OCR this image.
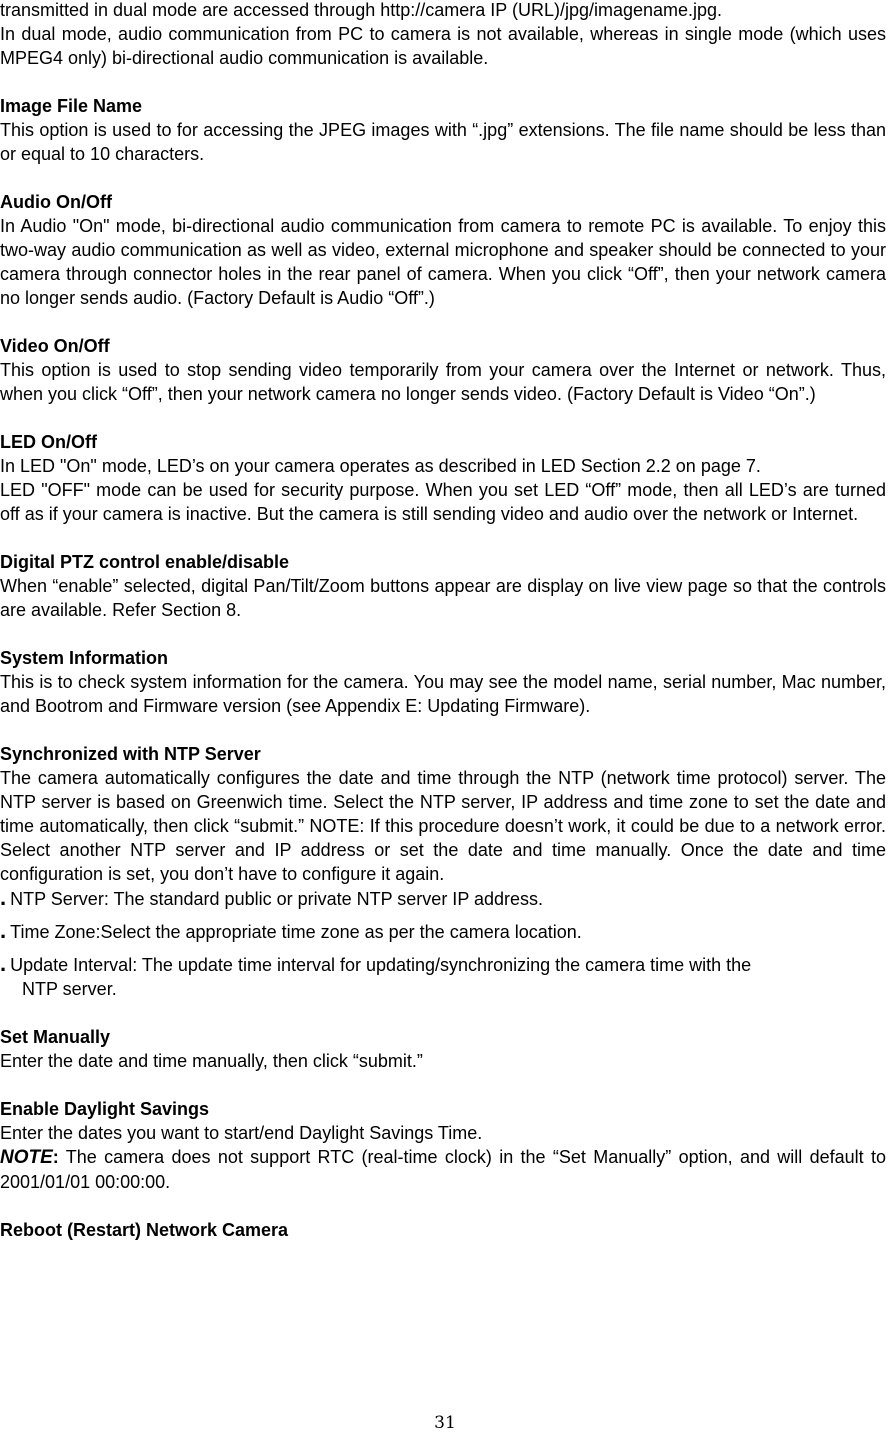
transmitted in dual mode are accessed through http://camera IP (URL)/jpg/imagename.jpg.

In dual mode, audio communication from PC to camera is not available, whereas in single mode (which uses MPEG4 only) bi-directional audio communication is available.

Image File Name

This option is used to for accessing the JPEG images with “.jpg” extensions. The file name should be less than or equal to 10 characters.

Audio On/Off

In Audio "On" mode, bi-directional audio communication from camera to remote PC is available. To enjoy this two-way audio communication as well as video, external microphone and speaker should be connected to your camera through connector holes in the rear panel of camera. When you click “Off”, then your network camera no longer sends audio. (Factory Default is Audio “Off”.)

Video On/Off

This option is used to stop sending video temporarily from your camera over the Internet or network. Thus, when you click “Off”, then your network camera no longer sends video. (Factory Default is Video “On”.)

LED On/Off

In LED "On" mode, LED’s on your camera operates as described in LED Section 2.2 on page 7.

LED "OFF" mode can be used for security purpose. When you set LED “Off” mode, then all LED’s are turned off as if your camera is inactive. But the camera is still sending video and audio over the network or Internet.

Digital PTZ control enable/disable

When “enable” selected, digital Pan/Tilt/Zoom buttons appear are display on live view page so that the controls are available. Refer Section 8.

System Information

This is to check system information for the camera. You may see the model name, serial number, Mac number, and Bootrom and Firmware version (see Appendix E: Updating Firmware).

Synchronized with NTP Server

The camera automatically configures the date and time through the NTP (network time protocol) server. The NTP server is based on Greenwich time. Select the NTP server, IP address and time zone to set the date and time automatically, then click “submit.” NOTE: If this procedure doesn’t work, it could be due to a network error. Select another NTP server and IP address or set the date and time manually. Once the date and time configuration is set, you don’t have to configure it again.

. NTP Server: The standard public or private NTP server IP address.
. Time Zone:Select the appropriate time zone as per the camera location.
. Update Interval: The update time interval for updating/synchronizing the camera time with the
NTP server.

Set Manually

Enter the date and time manually, then click “submit.”

Enable Daylight Savings

Enter the dates you want to start/end Daylight Savings Time.

NOTE: The camera does not support RTC (real-time clock) in the “Set Manually” option, and will default to 2001/01/01 00:00:00.

Reboot (Restart) Network Camera

31
